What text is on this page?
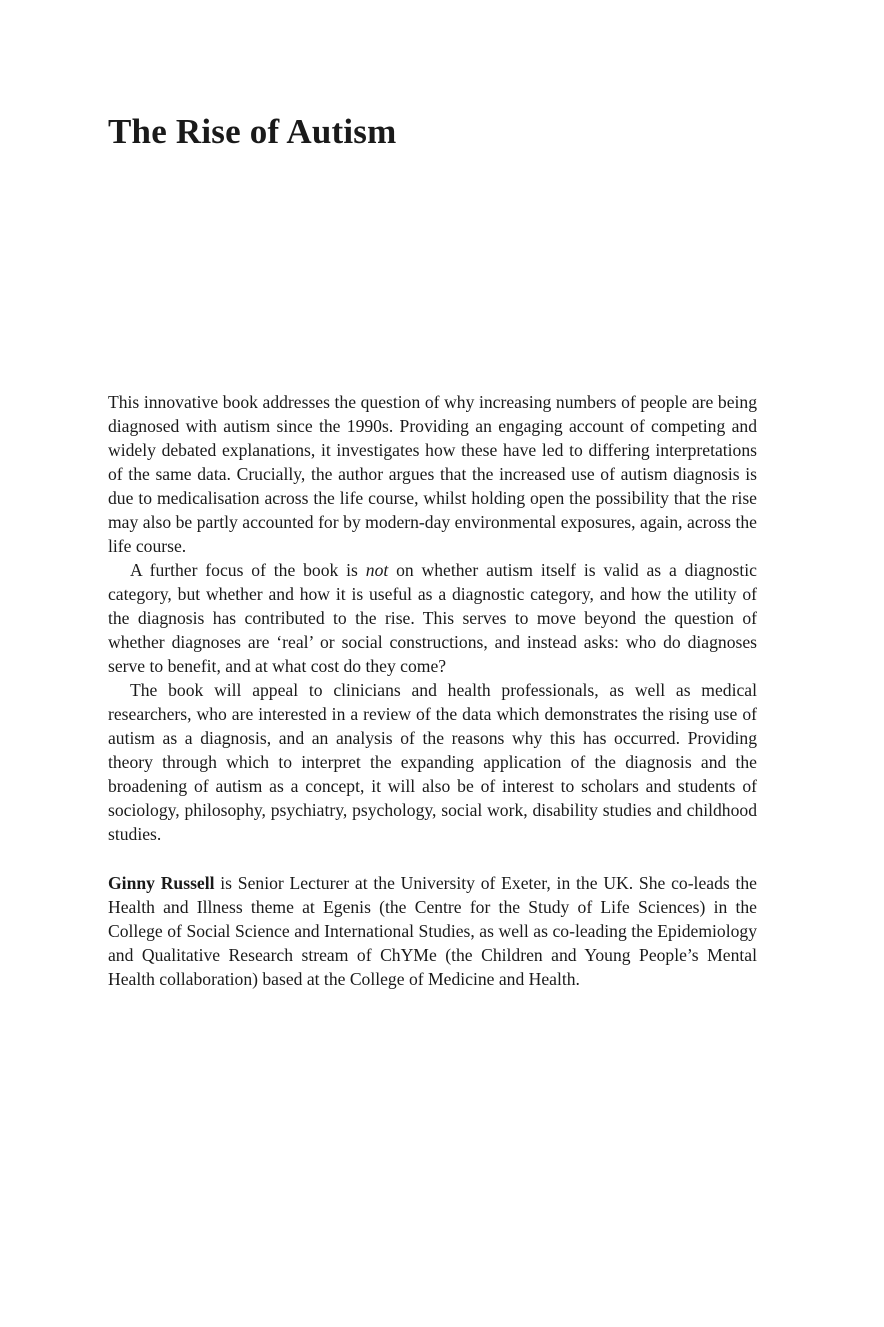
The Rise of Autism

This innovative book addresses the question of why increasing numbers of people are being diagnosed with autism since the 1990s. Providing an engaging account of competing and widely debated explanations, it investigates how these have led to differing interpretations of the same data. Crucially, the author argues that the increased use of autism diagnosis is due to medicalisation across the life course, whilst holding open the possibility that the rise may also be partly accounted for by modern-day environmental exposures, again, across the life course.

A further focus of the book is not on whether autism itself is valid as a diagnostic category, but whether and how it is useful as a diagnostic category, and how the utility of the diagnosis has contributed to the rise. This serves to move beyond the question of whether diagnoses are ‘real’ or social constructions, and instead asks: who do diagnoses serve to benefit, and at what cost do they come?

The book will appeal to clinicians and health professionals, as well as medical researchers, who are interested in a review of the data which demonstrates the rising use of autism as a diagnosis, and an analysis of the reasons why this has occurred. Providing theory through which to interpret the expanding application of the diagnosis and the broadening of autism as a concept, it will also be of interest to scholars and students of sociology, philosophy, psychiatry, psychology, social work, disability studies and childhood studies.

Ginny Russell is Senior Lecturer at the University of Exeter, in the UK. She co-leads the Health and Illness theme at Egenis (the Centre for the Study of Life Sciences) in the College of Social Science and International Studies, as well as co-leading the Epidemiology and Qualitative Research stream of ChYMe (the Children and Young People’s Mental Health collaboration) based at the College of Medicine and Health.
